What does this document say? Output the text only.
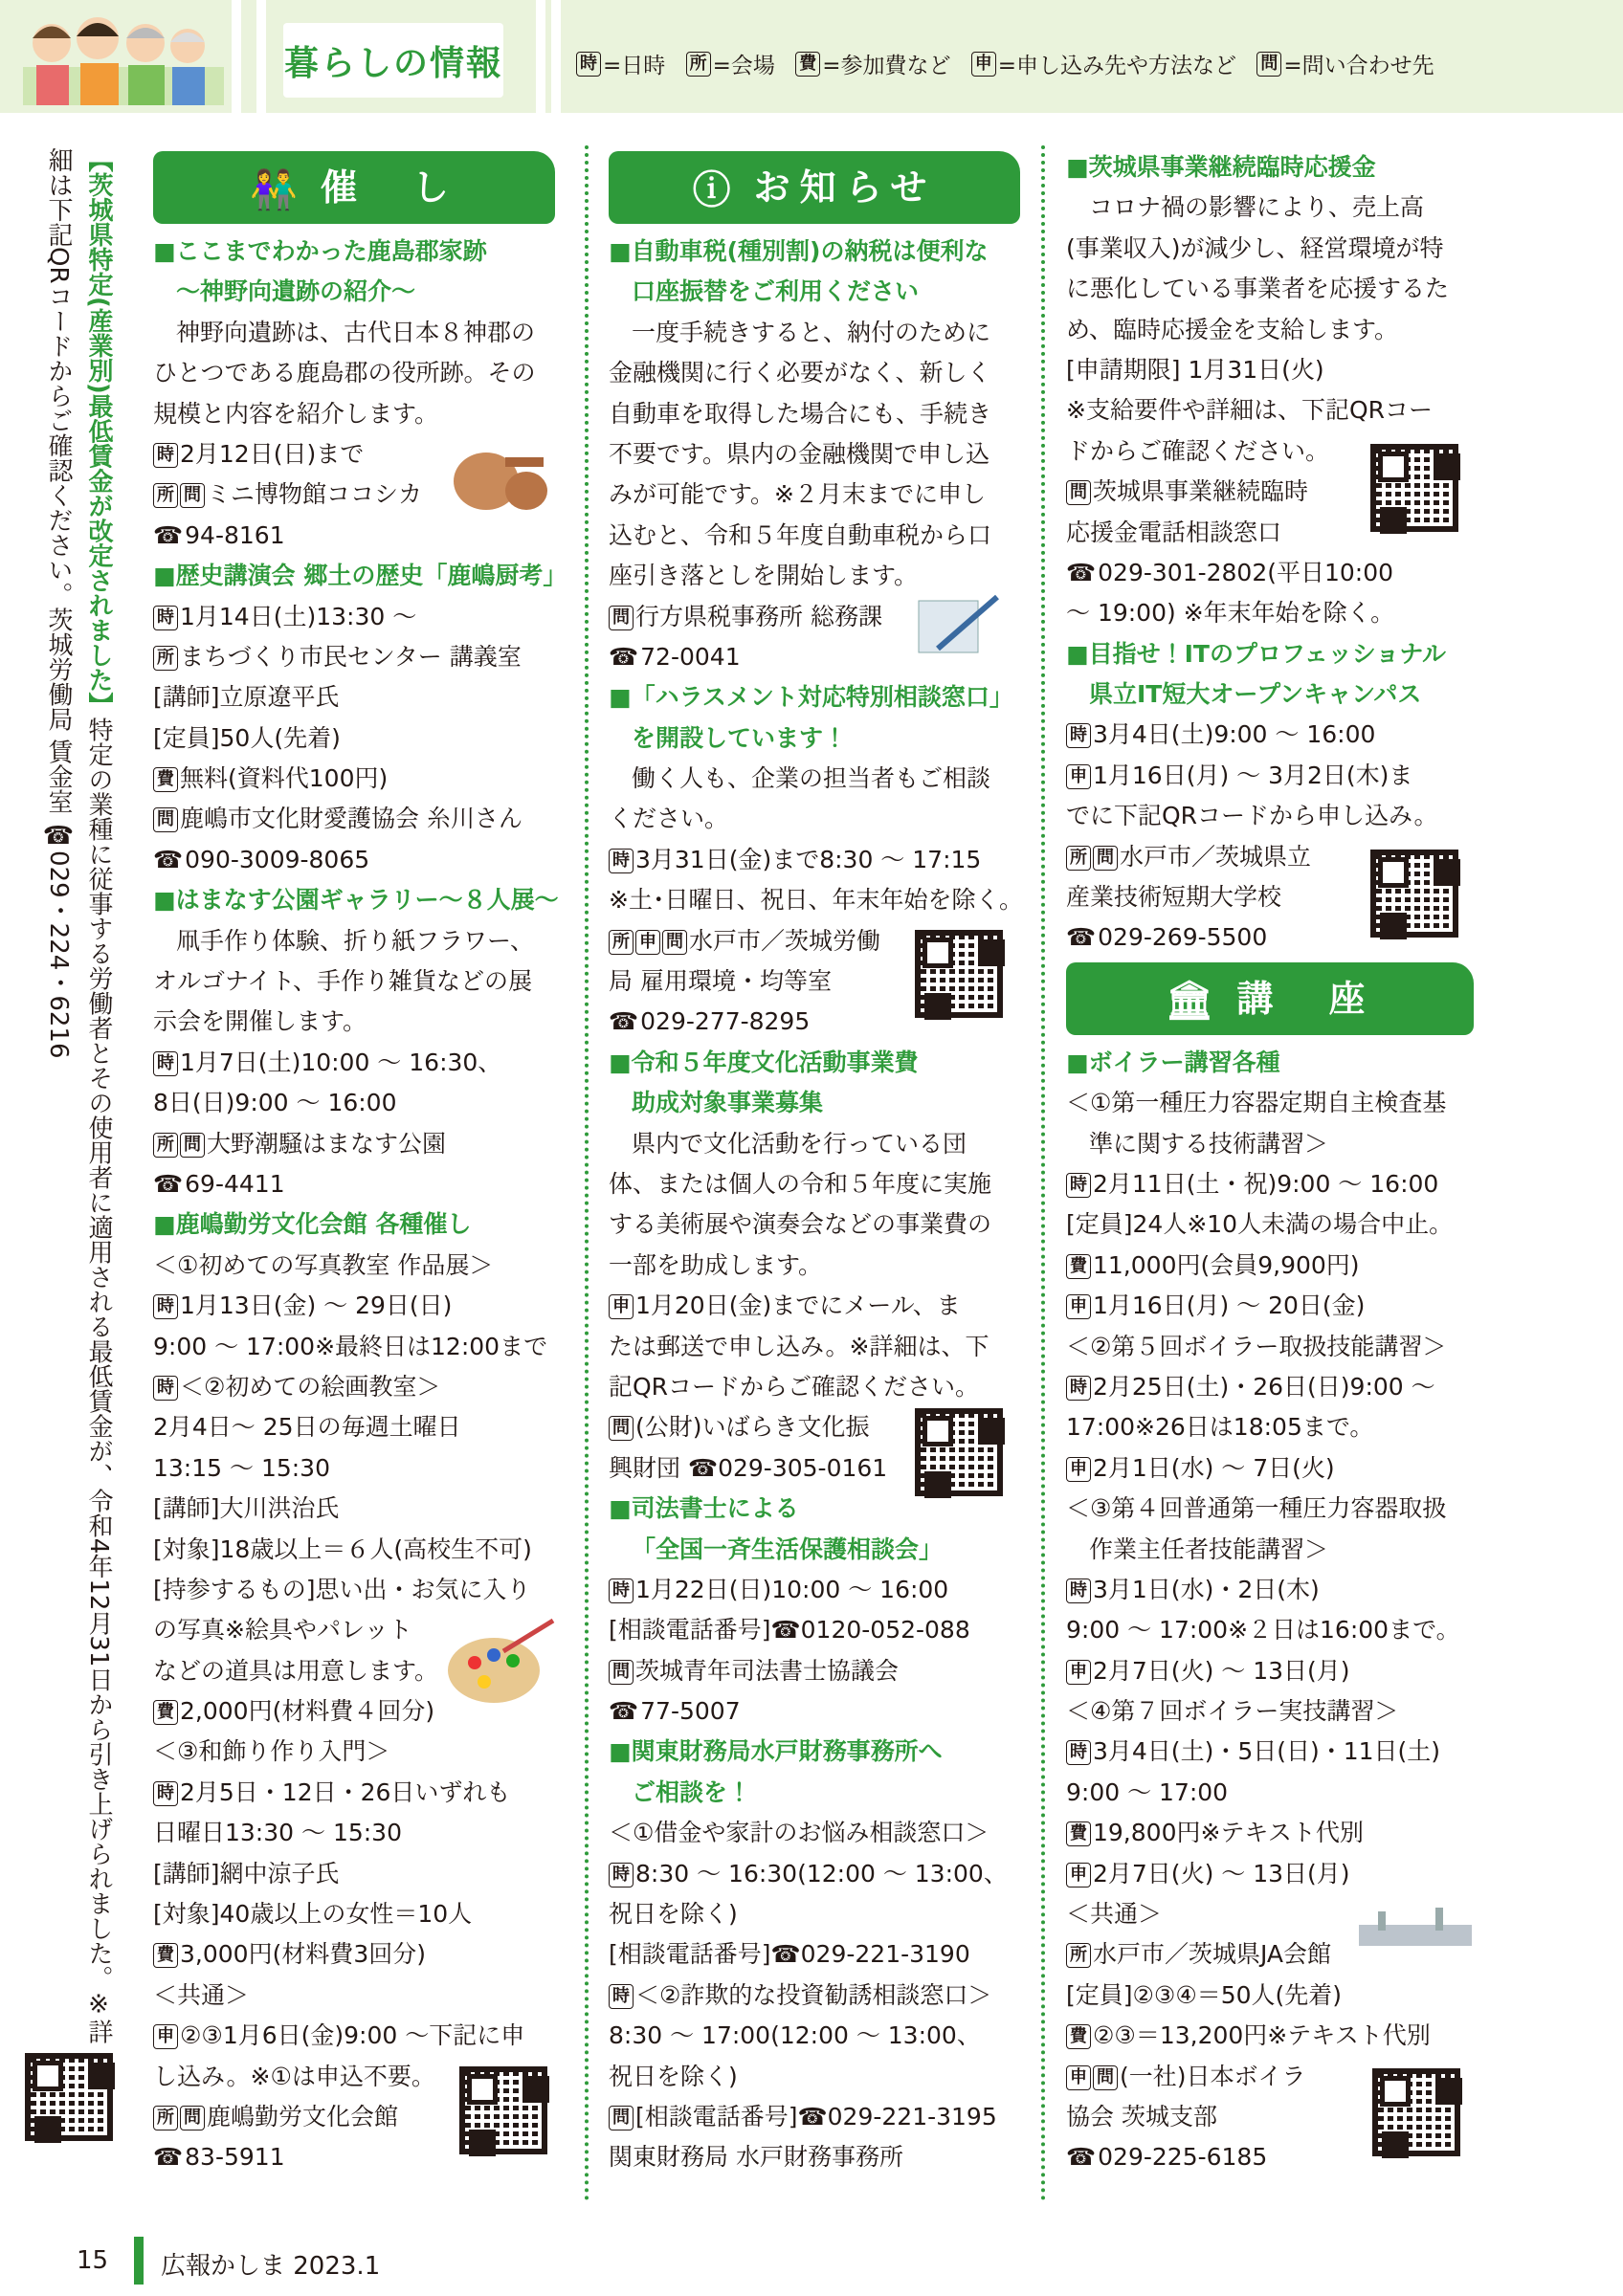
暮らしの情報	時 =日時 所 =会場 費 =参加費など 申 =申し込み先や方法など 問 =問い合わせ先
【茨城県特定(産業別)最低賃金が改定されました】特定の業種に従事する労働者とその使用者に適用される最低賃金が、令和4年12月31日から引き上げられました。※詳細は下記QRコードからご確認ください。茨城労働局 賃金室 ☎029・224・6216
👫 催　し

■ここまでわかった鹿島郡家跡

〜神野向遺跡の紹介〜

神野向遺跡は、古代日本８神郡の

ひとつである鹿島郡の役所跡。その

規模と内容を紹介します。

時 2月12日(日)まで

所 問 ミニ博物館ココシカ

☎94-8161

■歴史講演会 郷土の歴史「鹿嶋厨考」

時 1月14日(土)13:30 〜

所 まちづくり市民センター 講義室

[講師]立原遼平氏

[定員]50人(先着)

費 無料(資料代100円)

問 鹿嶋市文化財愛護協会 糸川さん

☎090-3009-8065

■はまなす公園ギャラリー〜８人展〜

凧手作り体験、折り紙フラワー、

オルゴナイト、手作り雑貨などの展

示会を開催します。

時 1月7日(土)10:00 〜 16:30、

8日(日)9:00 〜 16:00

所 問 大野潮騒はまなす公園

☎69-4411

■鹿嶋勤労文化会館 各種催し

＜①初めての写真教室 作品展＞

時 1月13日(金) 〜 29日(日)

9:00 〜 17:00※最終日は12:00まで

時 ＜②初めての絵画教室＞

2月4日〜 25日の毎週土曜日

13:15 〜 15:30

[講師]大川洪治氏

[対象]18歳以上＝６人(高校生不可)

[持参するもの]思い出・お気に入り

の写真※絵具やパレット

などの道具は用意します。

費 2,000円(材料費４回分)

＜③和飾り作り入門＞

時 2月5日・12日・26日いずれも

日曜日13:30 〜 15:30

[講師]網中涼子氏

[対象]40歳以上の女性＝10人

費 3,000円(材料費3回分)

＜共通＞

申 ②③1月6日(金)9:00 〜下記に申

し込み。※①は申込不要。

所 問 鹿嶋勤労文化会館

☎83-5911

ⓘ お知らせ

■自動車税(種別割)の納税は便利な

口座振替をご利用ください

一度手続きすると、納付のために

金融機関に行く必要がなく、新しく

自動車を取得した場合にも、手続き

不要です。県内の金融機関で申し込

みが可能です。※２月末までに申し

込むと、令和５年度自動車税から口

座引き落としを開始します。

問 行方県税事務所 総務課

☎72-0041

■「ハラスメント対応特別相談窓口」

を開設しています！

働く人も、企業の担当者もご相談

ください。

時 3月31日(金)まで8:30 〜 17:15

※土･日曜日、祝日、年末年始を除く。

所 申 問 水戸市／茨城労働

局 雇用環境・均等室

☎029-277-8295

■令和５年度文化活動事業費

助成対象事業募集

県内で文化活動を行っている団

体、または個人の令和５年度に実施

する美術展や演奏会などの事業費の

一部を助成します。

申 1月20日(金)までにメール、ま

たは郵送で申し込み。※詳細は、下

記QRコードからご確認ください。

問 (公財)いばらき文化振

興財団 ☎029-305-0161

■司法書士による

「全国一斉生活保護相談会」

時 1月22日(日)10:00 〜 16:00

[相談電話番号]☎0120-052-088

問 茨城青年司法書士協議会

☎77-5007

■関東財務局水戸財務事務所へ

ご相談を！

＜①借金や家計のお悩み相談窓口＞

時 8:30 〜 16:30(12:00 〜 13:00、

祝日を除く)

[相談電話番号]☎029-221-3190

時 ＜②詐欺的な投資勧誘相談窓口＞

8:30 〜 17:00(12:00 〜 13:00、

祝日を除く)

問 [相談電話番号]☎029-221-3195

関東財務局 水戸財務事務所

■茨城県事業継続臨時応援金

コロナ禍の影響により、売上高

(事業収入)が減少し、経営環境が特

に悪化している事業者を応援するた

め、臨時応援金を支給します。

[申請期限] 1月31日(火)

※支給要件や詳細は、下記QRコー

ドからご確認ください。

問 茨城県事業継続臨時

応援金電話相談窓口

☎029-301-2802(平日10:00

〜 19:00) ※年末年始を除く。

■目指せ！ITのプロフェッショナル

県立IT短大オープンキャンパス

時 3月4日(土)9:00 〜 16:00

申 1月16日(月) 〜 3月2日(木)ま

でに下記QRコードから申し込み。

所 問 水戸市／茨城県立

産業技術短期大学校

☎029-269-5500

🏛 講　座

■ボイラー講習各種

＜①第一種圧力容器定期自主検査基

準に関する技術講習＞

時 2月11日(土・祝)9:00 〜 16:00

[定員]24人※10人未満の場合中止。

費 11,000円(会員9,900円)

申 1月16日(月) 〜 20日(金)

＜②第５回ボイラー取扱技能講習＞

時 2月25日(土)・26日(日)9:00 〜

17:00※26日は18:05まで。

申 2月1日(水) 〜 7日(火)

＜③第４回普通第一種圧力容器取扱

作業主任者技能講習＞

時 3月1日(水)・2日(木)

9:00 〜 17:00※２日は16:00まで。

申 2月7日(火) 〜 13日(月)

＜④第７回ボイラー実技講習＞

時 3月4日(土)・5日(日)・11日(土)

9:00 〜 17:00

費 19,800円※テキスト代別

申 2月7日(火) 〜 13日(月)

＜共通＞

所 水戸市／茨城県JA会館

[定員]②③④＝50人(先着)

費 ②③＝13,200円※テキスト代別

申 問 (一社)日本ボイラ

協会 茨城支部

☎029-225-6185

15 広報かしま 2023.1
